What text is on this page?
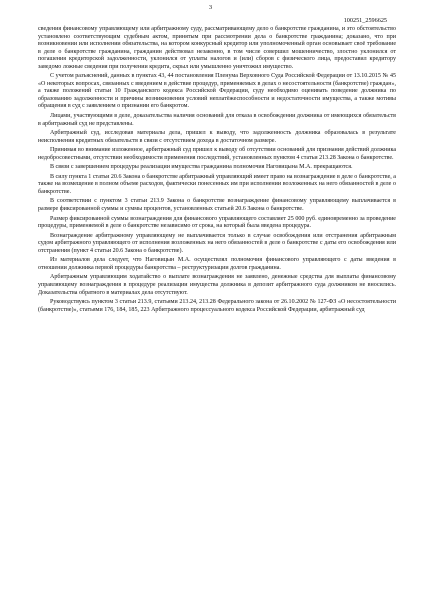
3
100251_2596625

сведения финансовому управляющему или арбитражному суду, рассматривающему дело о банкротстве гражданина, и это обстоятельство установлено соответствующим судебным актом, принятым при рассмотрении дела о банкротстве гражданина; доказано, что при возникновении или исполнении обязательства, на котором конкурсный кредитор или уполномоченный орган основывает своё требование в деле о банкротстве гражданина, гражданин действовал незаконно, в том числе совершил мошенничество, злостно уклонился от погашения кредиторской задолженности, уклонился от уплаты налогов и (или) сборов с физического лица, предоставил кредитору заведомо ложные сведения при получении кредита, скрыл или умышленно уничтожил имущество.

С учетом разъяснений, данных в пунктах 43, 44 постановления Пленума Верховного Суда Российской Федерации от 13.10.2015 № 45 «О некоторых вопросах, связанных с введением в действие процедур, применяемых в делах о несостоятельности (банкротстве) граждан», а также положений статьи 10 Гражданского кодекса Российской Федерации, суду необходимо оценивать поведение должника по образованию задолженности и причины возникновения условий неплатёжеспособности и недостаточности имущества, а также мотивы обращения в суд с заявлением о признании его банкротом.

Лицами, участвующими в деле, доказательства наличия оснований для отказа в освобождении должника от имеющихся обязательств в арбитражный суд не представлены.

Арбитражный суд, исследовав материалы дела, пришел к выводу, что задолженность должника образовалась в результате неисполнения кредитных обязательств в связи с отсутствием дохода в достаточном размере.

Принимая во внимание изложенное, арбитражный суд пришел к выводу об отсутствии оснований для признания действий должника недобросовестными, отсутствии необходимости применения последствий, установленных пунктом 4 статьи 213.28 Закона о банкротстве.

В связи с завершением процедуры реализации имущества гражданина полномочия Наговицына М.А. прекращаются.

В силу пункта 1 статьи 20.6 Закона о банкротстве арбитражный управляющий имеет право на вознаграждение в деле о банкротстве, а также на возмещение в полном объеме расходов, фактически понесенных им при исполнении возложенных на него обязанностей в деле о банкротстве.

В соответствии с пунктом 3 статьи 213.9 Закона о банкротстве вознаграждение финансовому управляющему выплачивается в размере фиксированной суммы и суммы процентов, установленных статьей 20.6 Закона о банкротстве.

Размер фиксированной суммы вознаграждения для финансового управляющего составляет 25 000 руб. единовременно за проведение процедуры, применяемой в деле о банкротстве независимо от срока, на который была введена процедура.

Вознаграждение арбитражному управляющему не выплачивается только в случае освобождения или отстранения арбитражным судом арбитражного управляющего от исполнения возложенных на него обязанностей в деле о банкротстве с даты его освобождения или отстранения (пункт 4 статьи 20.6 Закона о банкротстве).

Из материалов дела следует, что Наговицын М.А. осуществлял полномочия финансового управляющего с даты введения в отношении должника первой процедуры банкротства – реструктуризации долгов гражданина.

Арбитражным управляющим ходатайство о выплате вознаграждения не заявлено, денежные средства для выплаты финансовому управляющему вознаграждения в процедуре реализации имущества должника в депозит арбитражного суда должником не вносились. Доказательства обратного в материалах дела отсутствуют.

Руководствуясь пунктом 3 статьи 213.9, статьями 213.24, 213.28 Федерального закона от 26.10.2002 № 127-ФЗ «О несостоятельности (банкротстве)», статьями 176, 184, 185, 223 Арбитражного процессуального кодекса Российской Федерации, арбитражный суд
